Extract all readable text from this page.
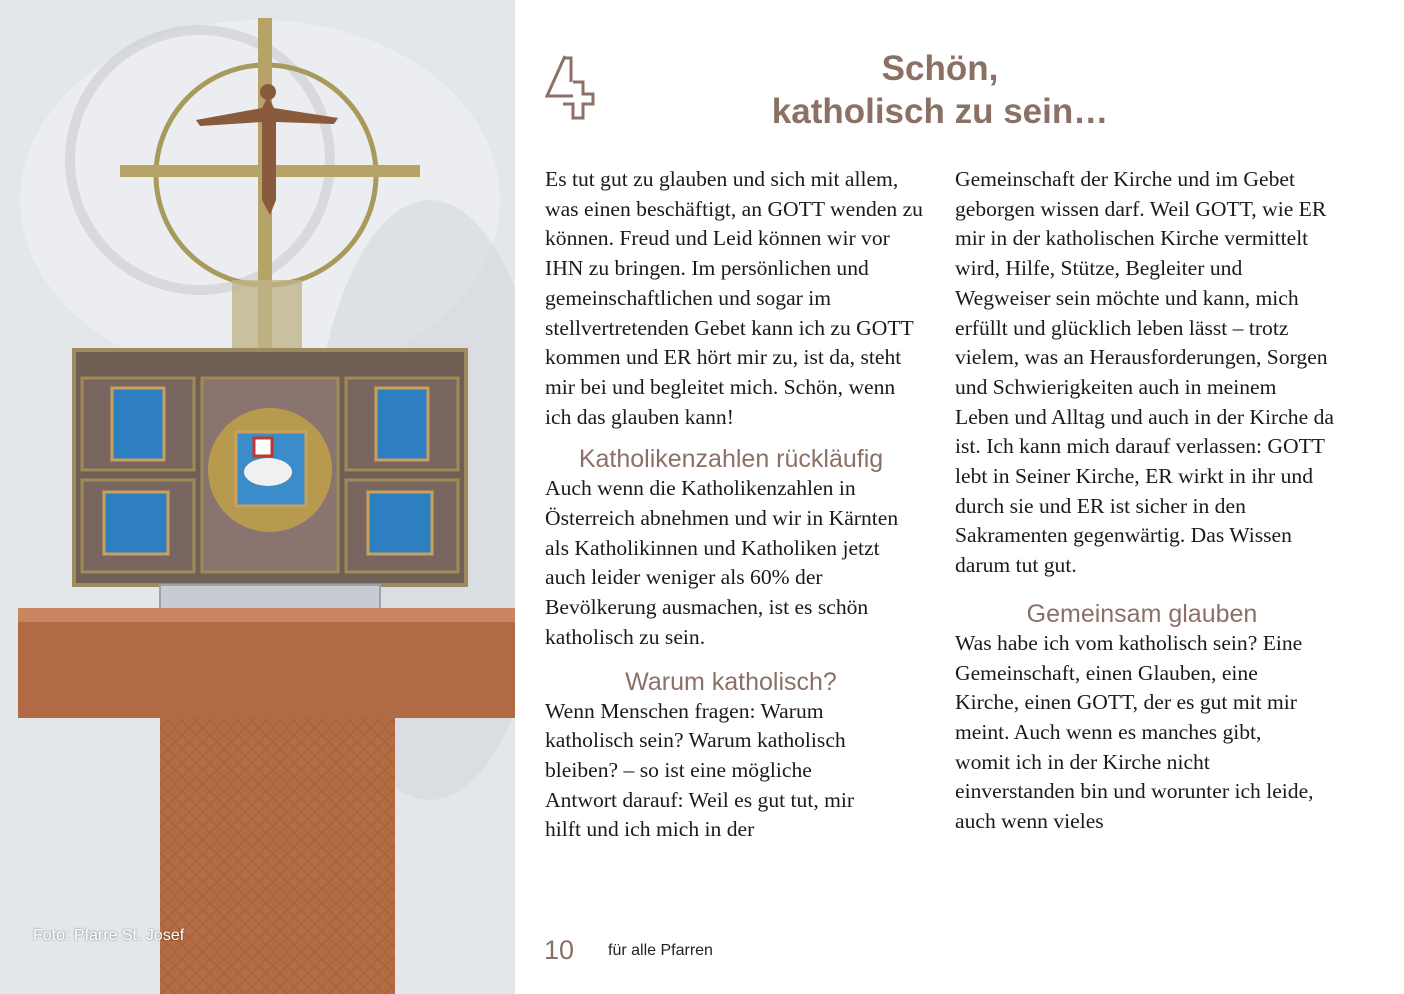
Foto: Pfarre St. Josef
Schön,
katholisch zu sein…

Es tut gut zu glauben und sich mit allem, was einen beschäftigt, an GOTT wenden zu können. Freud und Leid können wir vor IHN zu bringen. Im persönlichen und gemeinschaftlichen und sogar im stellvertretenden Gebet kann ich zu GOTT kommen und ER hört mir zu, ist da, steht mir bei und begleitet mich. Schön, wenn ich das glauben kann!

Katholikenzahlen rückläufig

Auch wenn die Katholikenzahlen in Österreich abnehmen und wir in Kärnten als Katholikinnen und Katholiken jetzt auch leider weniger als 60% der Bevölkerung ausmachen, ist es schön katholisch zu sein.

Warum katholisch?

Wenn Menschen fragen: Warum katholisch sein? Warum katholisch bleiben? – so ist eine mögliche Antwort darauf: Weil es gut tut, mir hilft und ich mich in der

Gemeinschaft der Kirche und im Gebet geborgen wissen darf. Weil GOTT, wie ER mir in der katholischen Kirche vermittelt wird, Hilfe, Stütze, Begleiter und Wegweiser sein möchte und kann, mich erfüllt und glücklich leben lässt – trotz vielem, was an Herausforderungen, Sorgen und Schwierigkeiten auch in meinem Leben und Alltag und auch in der Kirche da ist. Ich kann mich darauf verlassen: GOTT lebt in Seiner Kirche, ER wirkt in ihr und durch sie und ER ist sicher in den Sakramenten gegenwärtig. Das Wissen darum tut gut.

Gemeinsam glauben

Was habe ich vom katholisch sein? Eine Gemeinschaft, einen Glauben, eine Kirche, einen GOTT, der es gut mit mir meint. Auch wenn es manches gibt, womit ich in der Kirche nicht einverstanden bin und worunter ich leide, auch wenn vieles

10 für alle Pfarren
